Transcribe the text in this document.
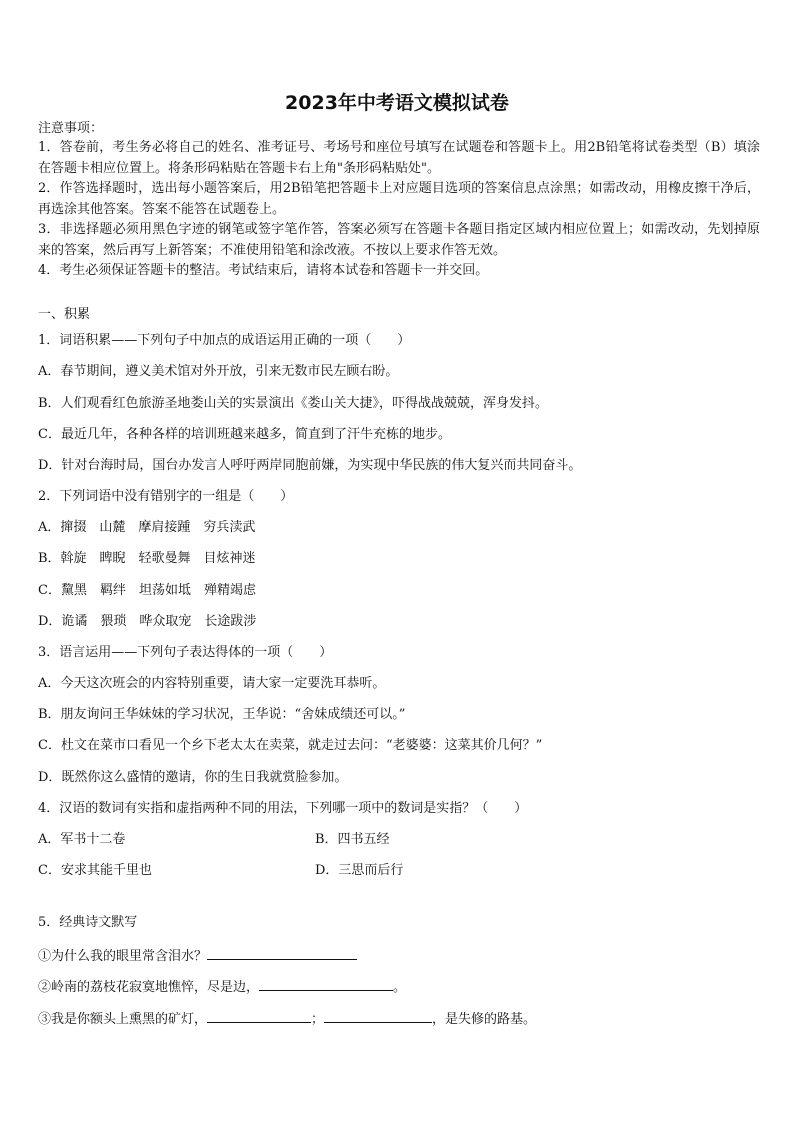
2023年中考语文模拟试卷
注意事项：

1．答卷前，考生务必将自己的姓名、准考证号、考场号和座位号填写在试题卷和答题卡上。用2B铅笔将试卷类型（B）填涂在答题卡相应位置上。将条形码粘贴在答题卡右上角"条形码粘贴处"。

2．作答选择题时，选出每小题答案后，用2B铅笔把答题卡上对应题目选项的答案信息点涂黑；如需改动，用橡皮擦干净后，再选涂其他答案。答案不能答在试题卷上。

3．非选择题必须用黑色字迹的钢笔或签字笔作答，答案必须写在答题卡各题目指定区域内相应位置上；如需改动，先划掉原来的答案，然后再写上新答案；不准使用铅笔和涂改液。不按以上要求作答无效。

4．考生必须保证答题卡的整洁。考试结束后，请将本试卷和答题卡一并交回。

一、积累
1．词语积累——下列句子中加点的成语运用正确的一项（　　）
A．春节期间，遵义美术馆对外开放，引来无数市民左顾右盼。
B．人们观看红色旅游圣地娄山关的实景演出《娄山关大捷》，吓得战战兢兢，浑身发抖。
C．最近几年，各种各样的培训班越来越多，简直到了汗牛充栋的地步。
D．针对台海时局，国台办发言人呼吁两岸同胞前嫌，为实现中华民族的伟大复兴而共同奋斗。
2．下列词语中没有错别字的一组是（　　）
A．撺掇　山麓　摩肩接踵　穷兵渎武
B．斡旋　睥睨　轻歌曼舞　目炫神迷
C．黧黑　羁绊　坦荡如坻　殚精竭虑
D．诡谲　猥琐　哗众取宠　长途跋涉
3．语言运用——下列句子表达得体的一项（　　）
A．今天这次班会的内容特别重要，请大家一定要洗耳恭听。
B．朋友询问王华妹妹的学习状况，王华说：“舍妹成绩还可以。”
C．杜文在菜市口看见一个乡下老太太在卖菜，就走过去问：“老婆婆：这菜其价几何？”
D．既然你这么盛情的邀请，你的生日我就赏脸参加。
4．汉语的数词有实指和虚指两种不同的用法，下列哪一项中的数词是实指？（　　）
A．军书十二卷	B．四书五经
C．安求其能千里也	D．三思而后行
5．经典诗文默写
①为什么我的眼里常含泪水？
②岭南的荔枝花寂寞地憔悴，尽是边，	。
③我是你额头上熏黑的矿灯，	；	，是失修的路基。
